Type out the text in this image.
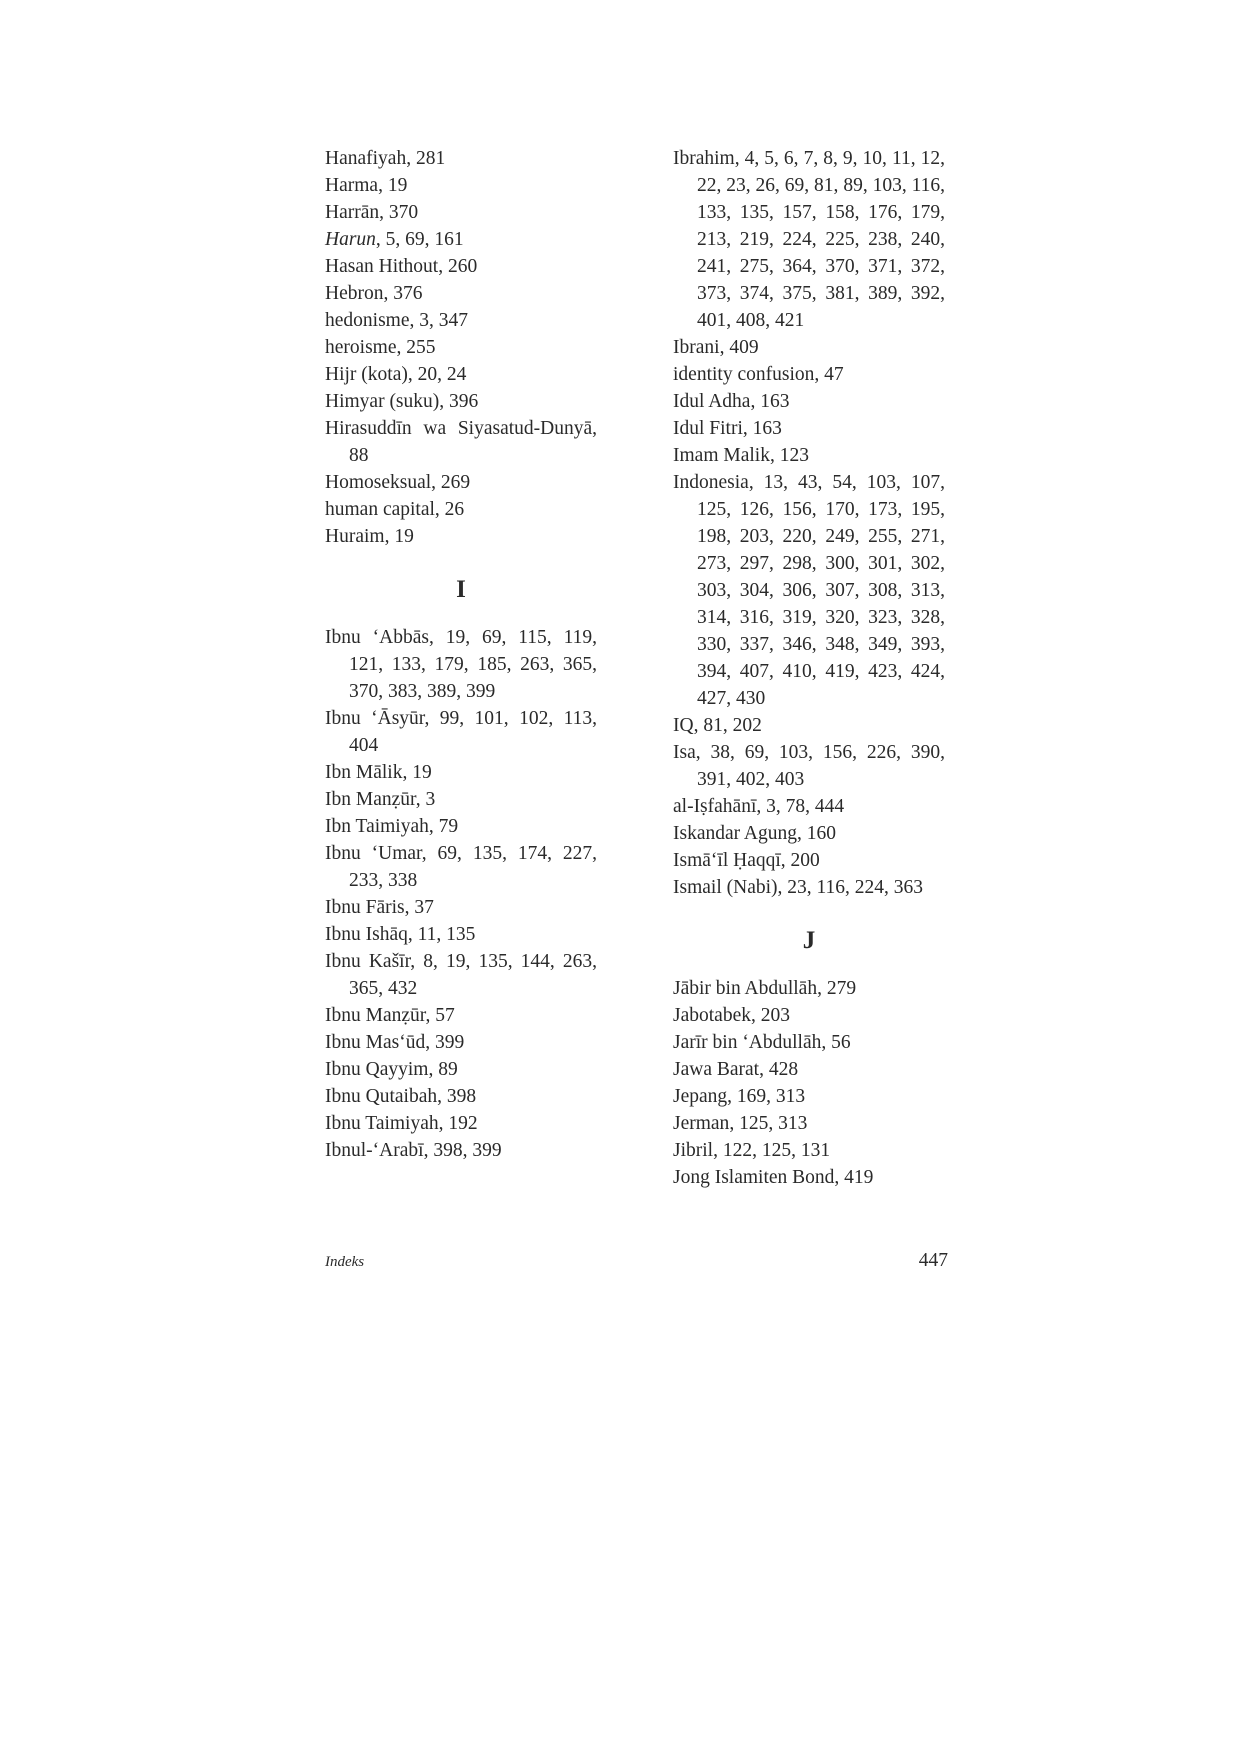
Hanafiyah, 281
Harma, 19
Harrān, 370
Harun, 5, 69, 161
Hasan Hithout, 260
Hebron, 376
hedonisme, 3, 347
heroisme, 255
Hijr (kota), 20, 24
Himyar (suku), 396
Hirasuddīn wa Siyasatud-Dunyā, 88
Homoseksual, 269
human capital, 26
Huraim, 19
I
Ibnu ‘Abbās, 19, 69, 115, 119, 121, 133, 179, 185, 263, 365, 370, 383, 389, 399
Ibnu ‘Āsyūr, 99, 101, 102, 113, 404
Ibn Mālik, 19
Ibn Manẓūr, 3
Ibn Taimiyah, 79
Ibnu ‘Umar, 69, 135, 174, 227, 233, 338
Ibnu Fāris, 37
Ibnu Ishāq, 11, 135
Ibnu Kašīr, 8, 19, 135, 144, 263, 365, 432
Ibnu Manẓūr, 57
Ibnu Mas‘ūd, 399
Ibnu Qayyim, 89
Ibnu Qutaibah, 398
Ibnu Taimiyah, 192
Ibnul-‘Arabī, 398, 399
Ibrahim, 4, 5, 6, 7, 8, 9, 10, 11, 12, 22, 23, 26, 69, 81, 89, 103, 116, 133, 135, 157, 158, 176, 179, 213, 219, 224, 225, 238, 240, 241, 275, 364, 370, 371, 372, 373, 374, 375, 381, 389, 392, 401, 408, 421
Ibrani, 409
identity confusion, 47
Idul Adha, 163
Idul Fitri, 163
Imam Malik, 123
Indonesia, 13, 43, 54, 103, 107, 125, 126, 156, 170, 173, 195, 198, 203, 220, 249, 255, 271, 273, 297, 298, 300, 301, 302, 303, 304, 306, 307, 308, 313, 314, 316, 319, 320, 323, 328, 330, 337, 346, 348, 349, 393, 394, 407, 410, 419, 423, 424, 427, 430
IQ, 81, 202
Isa, 38, 69, 103, 156, 226, 390, 391, 402, 403
al-Iṣfahānī, 3, 78, 444
Iskandar Agung, 160
Ismā‘īl Ḥaqqī, 200
Ismail (Nabi), 23, 116, 224, 363
J
Jābir bin Abdullāh, 279
Jabotabek, 203
Jarīr bin ‘Abdullāh, 56
Jawa Barat, 428
Jepang, 169, 313
Jerman, 125, 313
Jibril, 122, 125, 131
Jong Islamiten Bond, 419
Indeks	447
